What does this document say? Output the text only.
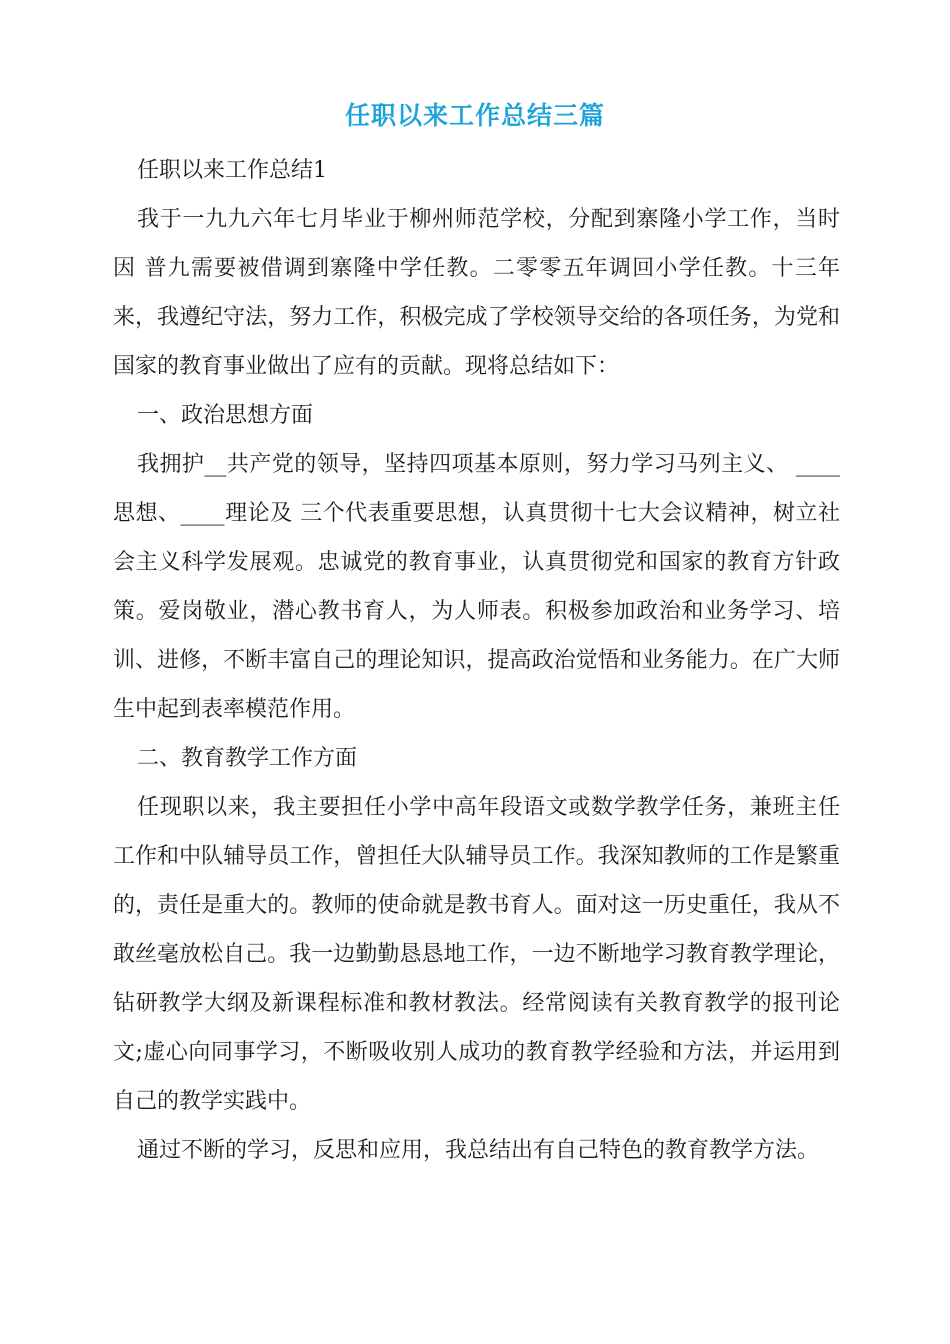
任职以来工作总结三篇

任职以来工作总结1

我于一九九六年七月毕业于柳州师范学校，分配到寨隆小学工作，当时因 普九需要被借调到寨隆中学任教。二零零五年调回小学任教。十三年来，我遵纪守法，努力工作，积极完成了学校领导交给的各项任务，为党和国家的教育事业做出了应有的贡献。现将总结如下：

一、政治思想方面

我拥护__共产党的领导，坚持四项基本原则，努力学习马列主义、 ____思想、____理论及 三个代表重要思想，认真贯彻十七大会议精神，树立社会主义科学发展观。忠诚党的教育事业，认真贯彻党和国家的教育方针政策。爱岗敬业，潜心教书育人，为人师表。积极参加政治和业务学习、培训、进修，不断丰富自己的理论知识，提高政治觉悟和业务能力。在广大师生中起到表率模范作用。

二、教育教学工作方面

任现职以来，我主要担任小学中高年段语文或数学教学任务，兼班主任工作和中队辅导员工作，曾担任大队辅导员工作。我深知教师的工作是繁重的，责任是重大的。教师的使命就是教书育人。面对这一历史重任，我从不敢丝毫放松自己。我一边勤勤恳恳地工作，一边不断地学习教育教学理论，钻研教学大纲及新课程标准和教材教法。经常阅读有关教育教学的报刊论文;虚心向同事学习，不断吸收别人成功的教育教学经验和方法，并运用到自己的教学实践中。

通过不断的学习，反思和应用，我总结出有自己特色的教育教学方法。
